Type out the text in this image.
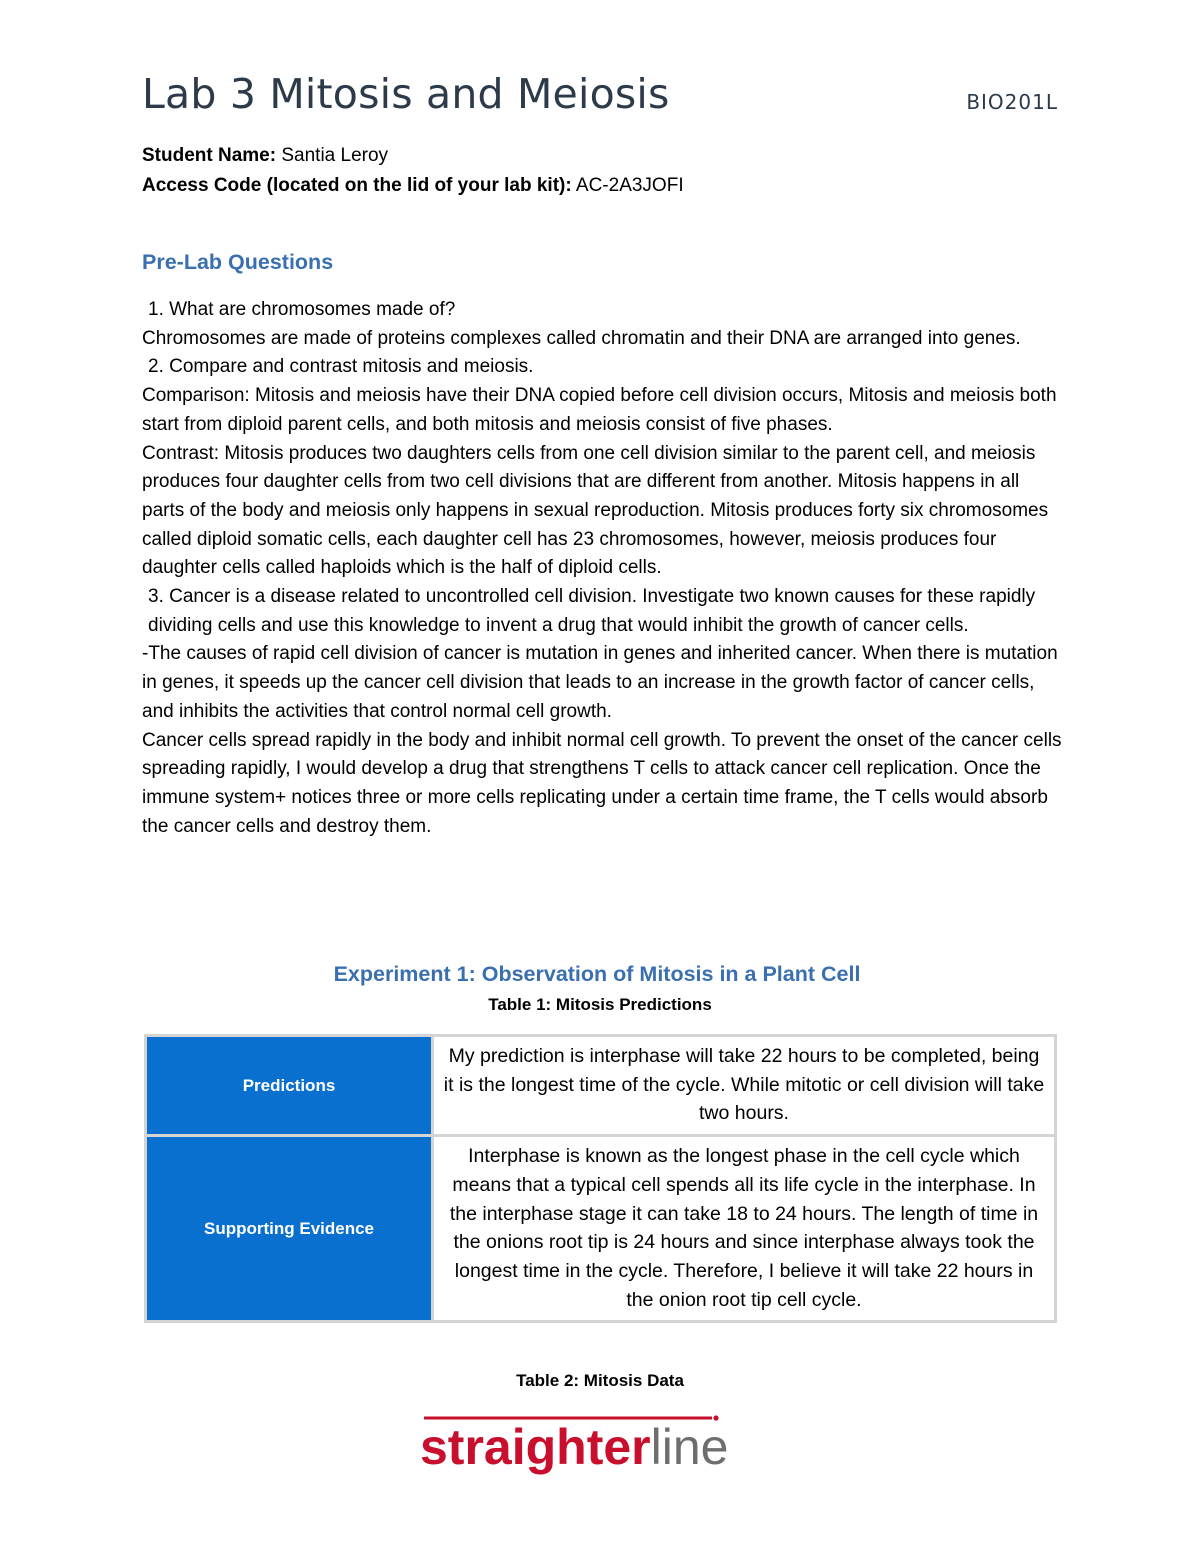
Lab 3 Mitosis and Meiosis	BIO201L
Student Name: Santia Leroy
Access Code (located on the lid of your lab kit): AC-2A3JOFI
Pre-Lab Questions

1. What are chromosomes made of?

Chromosomes are made of proteins complexes called chromatin and their DNA are arranged into genes.

2. Compare and contrast mitosis and meiosis.

Comparison: Mitosis and meiosis have their DNA copied before cell division occurs, Mitosis and meiosis both start from diploid parent cells, and both mitosis and meiosis consist of five phases.

Contrast: Mitosis produces two daughters cells from one cell division similar to the parent cell, and meiosis produces four daughter cells from two cell divisions that are different from another. Mitosis happens in all parts of the body and meiosis only happens in sexual reproduction. Mitosis produces forty six chromosomes called diploid somatic cells, each daughter cell has 23 chromosomes, however, meiosis produces four daughter cells called haploids which is the half of diploid cells.

3. Cancer is a disease related to uncontrolled cell division. Investigate two known causes for these rapidly dividing cells and use this knowledge to invent a drug that would inhibit the growth of cancer cells.

-The causes of rapid cell division of cancer is mutation in genes and inherited cancer. When there is mutation in genes, it speeds up the cancer cell division that leads to an increase in the growth factor of cancer cells, and inhibits the activities that control normal cell growth.

Cancer cells spread rapidly in the body and inhibit normal cell growth. To prevent the onset of the cancer cells spreading rapidly, I would develop a drug that strengthens T cells to attack cancer cell replication. Once the immune system+ notices three or more cells replicating under a certain time frame, the T cells would absorb the cancer cells and destroy them.

Experiment 1: Observation of Mitosis in a Plant Cell
Table 1: Mitosis Predictions
Predictions	My prediction is interphase will take 22 hours to be completed, being it is the longest time of the cycle. While mitotic or cell division will take two hours.
Supporting Evidence	Interphase is known as the longest phase in the cell cycle which means that a typical cell spends all its life cycle in the interphase. In the interphase stage it can take 18 to 24 hours. The length of time in the onions root tip is 24 hours and since interphase always took the longest time in the cycle. Therefore, I believe it will take 22 hours in the onion root tip cell cycle.
Table 2: Mitosis Data
straighterline
